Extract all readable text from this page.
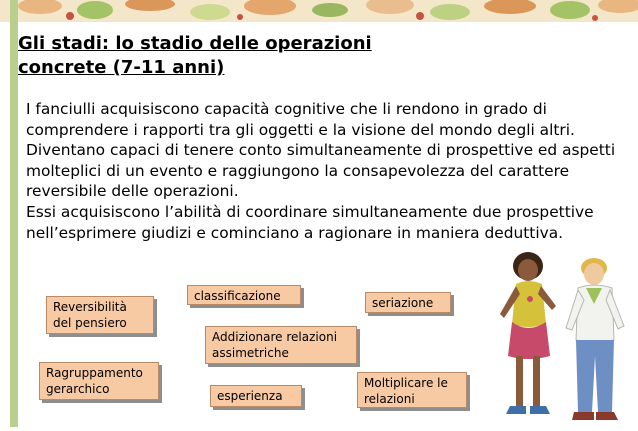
Gli stadi: lo stadio delle operazioni concrete (7-11 anni)

I fanciulli acquisiscono capacità cognitive che li rendono in grado di comprendere i rapporti tra gli oggetti e la visione del mondo degli altri. Diventano capaci di tenere conto simultaneamente di prospettive ed aspetti molteplici di un evento e raggiungono la consapevolezza del carattere reversibile delle operazioni.

Essi acquisiscono l’abilità di coordinare simultaneamente due prospettive nell’esprimere giudizi e cominciano a ragionare in maniera deduttiva.

classificazione	seriazione
Reversibilità
del pensiero
Addizionare relazioni
assimetriche
Ragruppamento
gerarchico	Moltiplicare le
relazioni
esperienza
